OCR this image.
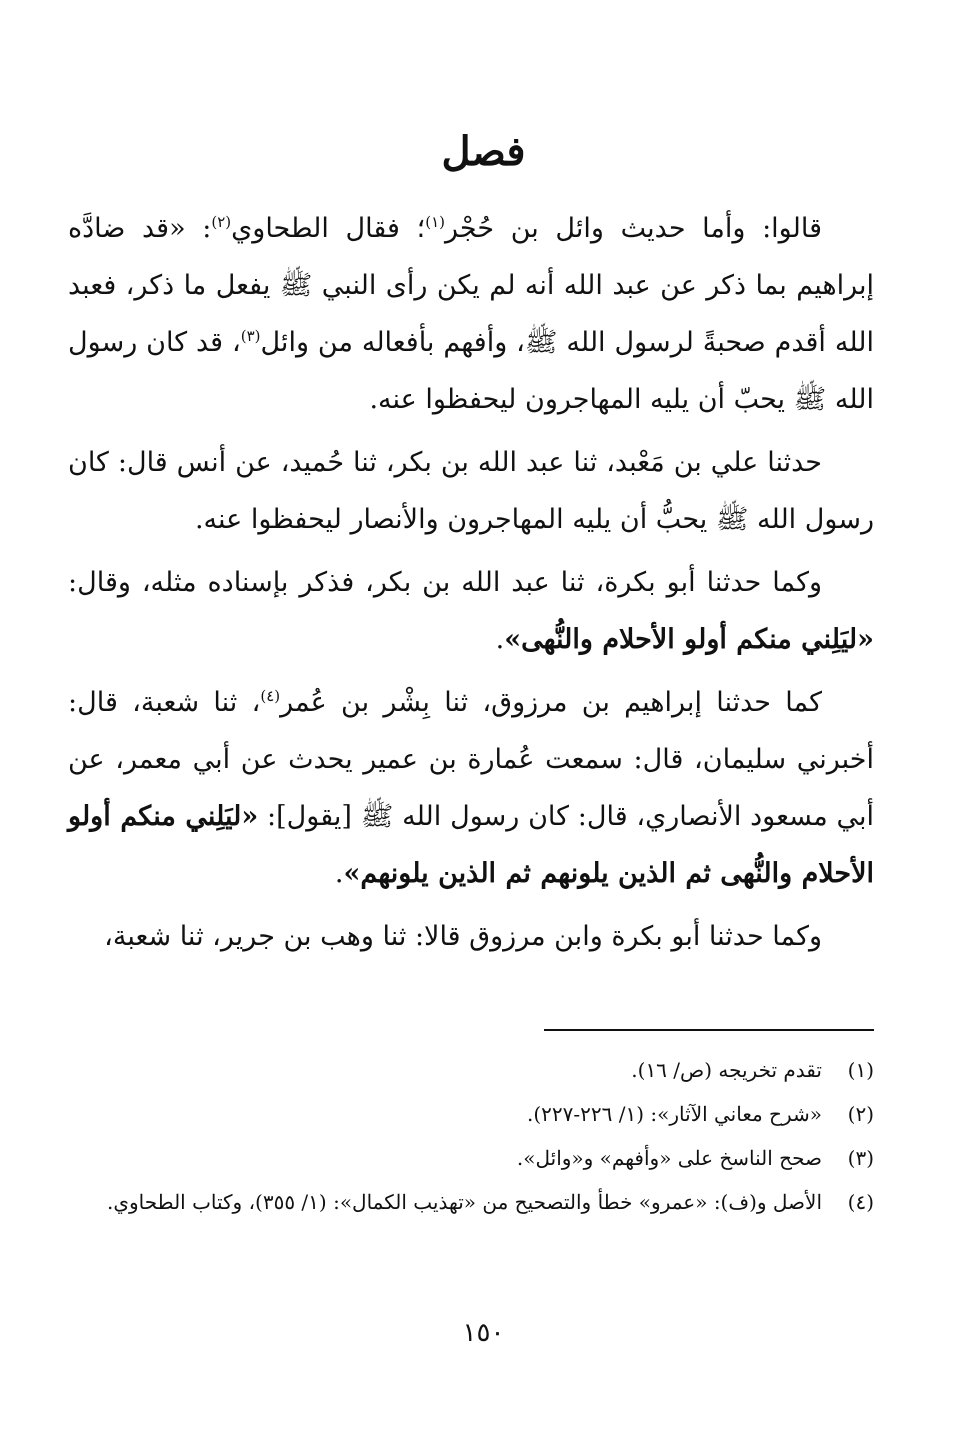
فصل

قالوا: وأما حديث وائل بن حُجْر$^{(١)}$؛ فقال الطحاوي$^{(٢)}$: «قد ضادَّه إبراهيم بما ذكر عن عبد الله أنه لم يكن رأى النبي ﷺ يفعل ما ذكر، فعبد الله أقدم صحبةً لرسول الله ﷺ، وأفهم بأفعاله من وائل$^{(٣)}$، قد كان رسول الله ﷺ يحبّ أن يليه المهاجرون ليحفظوا عنه.

حدثنا علي بن مَعْبد، ثنا عبد الله بن بكر، ثنا حُميد، عن أنس قال: كان رسول الله ﷺ يحبُّ أن يليه المهاجرون والأنصار ليحفظوا عنه.

وكما حدثنا أبو بكرة، ثنا عبد الله بن بكر، فذكر بإسناده مثله، وقال: «ليَلِني منكم أولو الأحلام والنُّهى».

كما حدثنا إبراهيم بن مرزوق، ثنا بِشْر بن عُمر$^{(٤)}$، ثنا شعبة، قال: أخبرني سليمان، قال: سمعت عُمارة بن عمير يحدث عن أبي معمر، عن أبي مسعود الأنصاري، قال: كان رسول الله ﷺ [يقول]: «ليَلِني منكم أولو الأحلام والنُّهى ثم الذين يلونهم ثم الذين يلونهم».

وكما حدثنا أبو بكرة وابن مرزوق قالا: ثنا وهب بن جرير، ثنا شعبة،

(١)
تقدم تخريجه (ص/ ١٦).
(٢)
«شرح معاني الآثار»: (١/ ٢٢٦-٢٢٧).
(٣)
صحح الناسخ على «وأفهم» و«وائل».
(٤)
الأصل و(ف): «عمرو» خطأ والتصحيح من «تهذيب الكمال»: (١/ ٣٥٥)، وكتاب الطحاوي.
١٥٠
